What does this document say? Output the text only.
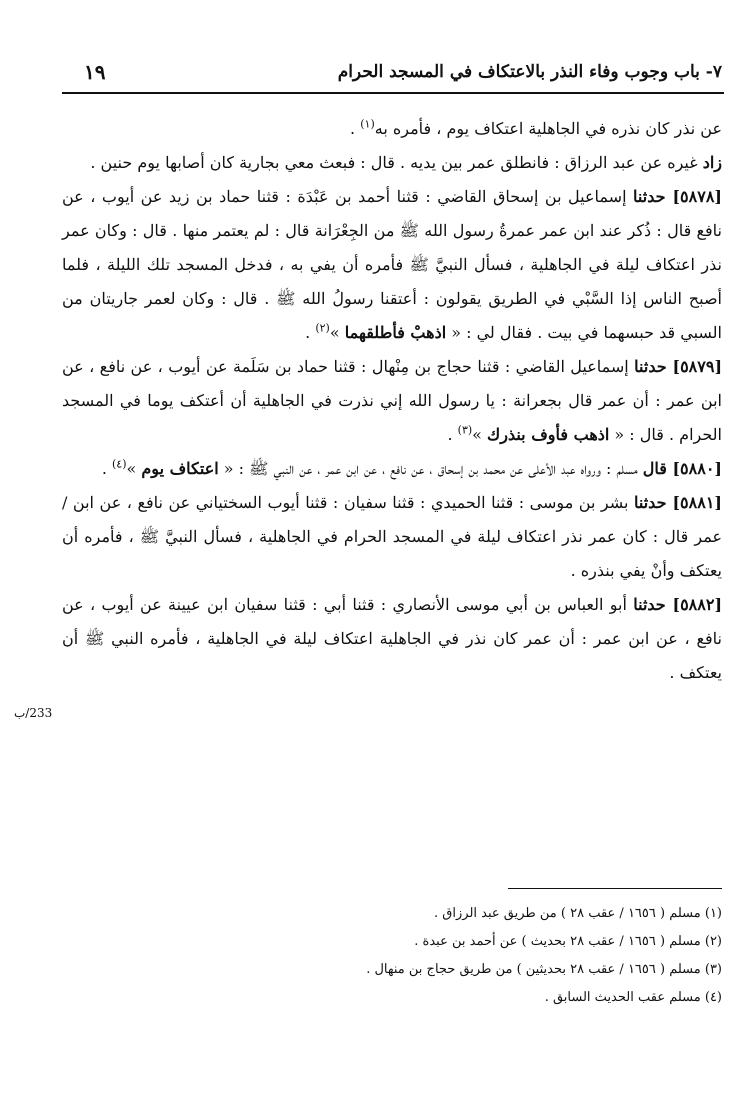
٧- باب وجوب وفاء النذر بالاعتكاف في المسجد الحرام
١٩
233/ب

عن نذر كان نذره في الجاهلية اعتكاف يوم ، فأمره به$^{(١)}$ .

زاد غيره عن عبد الرزاق : فانطلق عمر بين يديه . قال : فبعث معي بجارية كان أصابها يوم حنين .

[٥٨٧٨] حدثنا إسماعيل بن إسحاق القاضي : قثنا أحمد بن عَبْدَة : قثنا حماد بن زيد عن أيوب ، عن نافع قال : ذُكر عند ابن عمر عمرةُ رسول الله ﷺ من الجِعْرَانة قال : لم يعتمر منها . قال : وكان عمر نذر اعتكاف ليلة في الجاهلية ، فسأل النبيَّ ﷺ فأمره أن يفي به ، فدخل المسجد تلك الليلة ، فلما أصبح الناس إذا السَّبْي في الطريق يقولون : أعتقنا رسولُ الله ﷺ . قال : وكان لعمر جاريتان من السبي قد حبسهما في بيت . فقال لي : « اذهبْ فأطلقهما »$^{(٢)}$ .

[٥٨٧٩] حدثنا إسماعيل القاضي : قثنا حجاج بن مِنْهال : قثنا حماد بن سَلَمة عن أيوب ، عن نافع ، عن ابن عمر : أن عمر قال بجعرانة : يا رسول الله إني نذرت في الجاهلية أن أعتكف يوما في المسجد الحرام . قال : « اذهب فأوف بنذرك »$^{(٣)}$ .

[٥٨٨٠] قال مسلم : ورواه عبد الأعلى عن محمد بن إسحاق ، عن نافع ، عن ابن عمر ، عن النبي ﷺ : « اعتكاف يوم »$^{(٤)}$ .

[٥٨٨١] حدثنا بشر بن موسى : قثنا الحميدي : قثنا سفيان : قثنا أيوب السختياني عن نافع ، عن ابن / عمر قال : كان عمر نذر اعتكاف ليلة في المسجد الحرام في الجاهلية ، فسأل النبيَّ ﷺ ، فأمره أن يعتكف وأنْ يفي بنذره .

[٥٨٨٢] حدثنا أبو العباس بن أبي موسى الأنصاري : قثنا أبي : قثنا سفيان ابن عيينة عن أيوب ، عن نافع ، عن ابن عمر : أن عمر كان نذر في الجاهلية اعتكاف ليلة في الجاهلية ، فأمره النبي ﷺ أن يعتكف .

(١) مسلم ( ١٦٥٦ / عقب ٢٨ ) من طريق عبد الرزاق .

(٢) مسلم ( ١٦٥٦ / عقب ٢٨ بحديث ) عن أحمد بن عبدة .

(٣) مسلم ( ١٦٥٦ / عقب ٢٨ بحديثين ) من طريق حجاج بن منهال .

(٤) مسلم عقب الحديث السابق .
